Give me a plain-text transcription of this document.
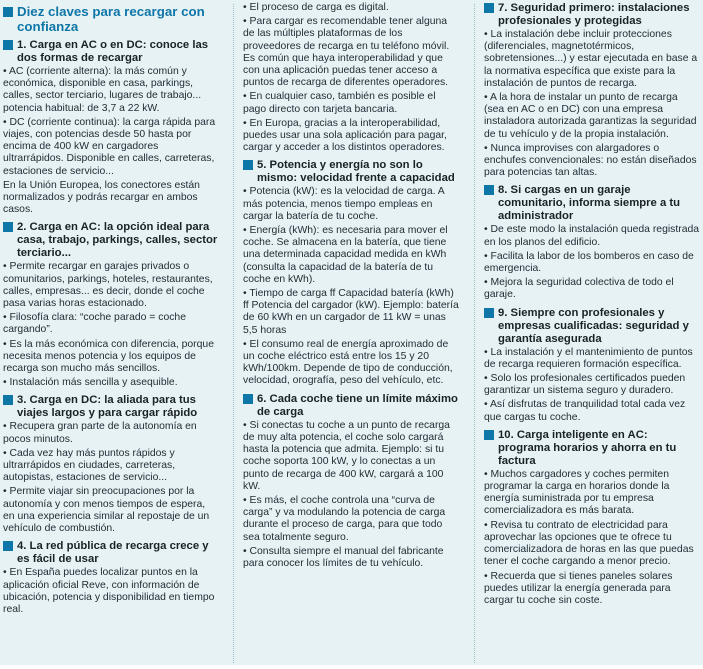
Diez claves para recargar con confianza
1. Carga en AC o en DC: conoce las dos formas de recargar
• AC (corriente alterna): la más común y económica, disponible en casa, parkings, calles, sector terciario, lugares de trabajo... potencia habitual: de 3,7 a 22 kW.
• DC (corriente continua): la carga rápida para viajes, con potencias desde 50 hasta por encima de 400 kW en cargadores ultrarrápidos. Disponible en calles, carreteras, estaciones de servicio...
En la Unión Europea, los conectores están normalizados y podrás recargar en ambos casos.
2. Carga en AC: la opción ideal para casa, trabajo, parkings, calles, sector terciario...
• Permite recargar en garajes privados o comunitarios, parkings, hoteles, restaurantes, calles, empresas... es decir, donde el coche pasa varias horas estacionado.
• Filosofía clara: “coche parado = coche cargando”.
• Es la más económica con diferencia, porque necesita menos potencia y los equipos de recarga son mucho más sencillos.
• Instalación más sencilla y asequible.
3. Carga en DC: la aliada para tus viajes largos y para cargar rápido
• Recupera gran parte de la autonomía en pocos minutos.
• Cada vez hay más puntos rápidos y ultrarrápidos en ciudades, carreteras, autopistas, estaciones de servicio...
• Permite viajar sin preocupaciones por la autonomía y con menos tiempos de espera, en una experiencia similar al repostaje de un vehículo de combustión.
4. La red pública de recarga crece y es fácil de usar
• En España puedes localizar puntos en la aplicación oficial Reve, con información de ubicación, potencia y disponibilidad en tiempo real.
• El proceso de carga es digital.
• Para cargar es recomendable tener alguna de las múltiples plataformas de los proveedores de recarga en tu teléfono móvil. Es común que haya interoperabilidad y que con una aplicación puedas tener acceso a puntos de recarga de diferentes operadores.
• En cualquier caso, también es posible el pago directo con tarjeta bancaria.
• En Europa, gracias a la interoperabilidad, puedes usar una sola aplicación para pagar, cargar y acceder a los distintos operadores.
5. Potencia y energía no son lo mismo: velocidad frente a capacidad
• Potencia (kW): es la velocidad de carga. A más potencia, menos tiempo empleas en cargar la batería de tu coche.
• Energía (kWh): es necesaria para mover el coche. Se almacena en la batería, que tiene una determinada capacidad medida en kWh (consulta la capacidad de la batería de tu coche en kWh).
• Tiempo de carga ff Capacidad batería (kWh) ff Potencia del cargador (kW). Ejemplo: batería de 60 kWh en un cargador de 11 kW = unas 5,5 horas
• El consumo real de energía aproximado de un coche eléctrico está entre los 15 y 20 kWh/100km. Depende de tipo de conducción, velocidad, orografía, peso del vehículo, etc.
6. Cada coche tiene un límite máximo de carga
• Si conectas tu coche a un punto de recarga de muy alta potencia, el coche solo cargará hasta la potencia que admita. Ejemplo: si tu coche soporta 100 kW, y lo conectas a un punto de recarga de 400 kW, cargará a 100 kW.
• Es más, el coche controla una “curva de carga” y va modulando la potencia de carga durante el proceso de carga, para que todo sea totalmente seguro.
• Consulta siempre el manual del fabricante para conocer los límites de tu vehículo.
7. Seguridad primero: instalaciones profesionales y protegidas
• La instalación debe incluir protecciones (diferenciales, magnetotérmicos, sobretensiones...) y estar ejecutada en base a la normativa específica que existe para la instalación de puntos de recarga.
• A la hora de instalar un punto de recarga (sea en AC o en DC) con una empresa instaladora autorizada garantizas la seguridad de tu vehículo y de la propia instalación.
• Nunca improvises con alargadores o enchufes convencionales: no están diseñados para potencias tan altas.
8. Si cargas en un garaje comunitario, informa siempre a tu administrador
• De este modo la instalación queda registrada en los planos del edificio.
• Facilita la labor de los bomberos en caso de emergencia.
• Mejora la seguridad colectiva de todo el garaje.
9. Siempre con profesionales y empresas cualificadas: seguridad y garantía asegurada
• La instalación y el mantenimiento de puntos de recarga requieren formación específica.
• Solo los profesionales certificados pueden garantizar un sistema seguro y duradero.
• Así disfrutas de tranquilidad total cada vez que cargas tu coche.
10. Carga inteligente en AC: programa horarios y ahorra en tu factura
• Muchos cargadores y coches permiten programar la carga en horarios donde la energía suministrada por tu empresa comercializadora es más barata.
• Revisa tu contrato de electricidad para aprovechar las opciones que te ofrece tu comercializadora de horas en las que puedas tener el coche cargando a menor precio.
• Recuerda que si tienes paneles solares puedes utilizar la energía generada para cargar tu coche sin coste.
